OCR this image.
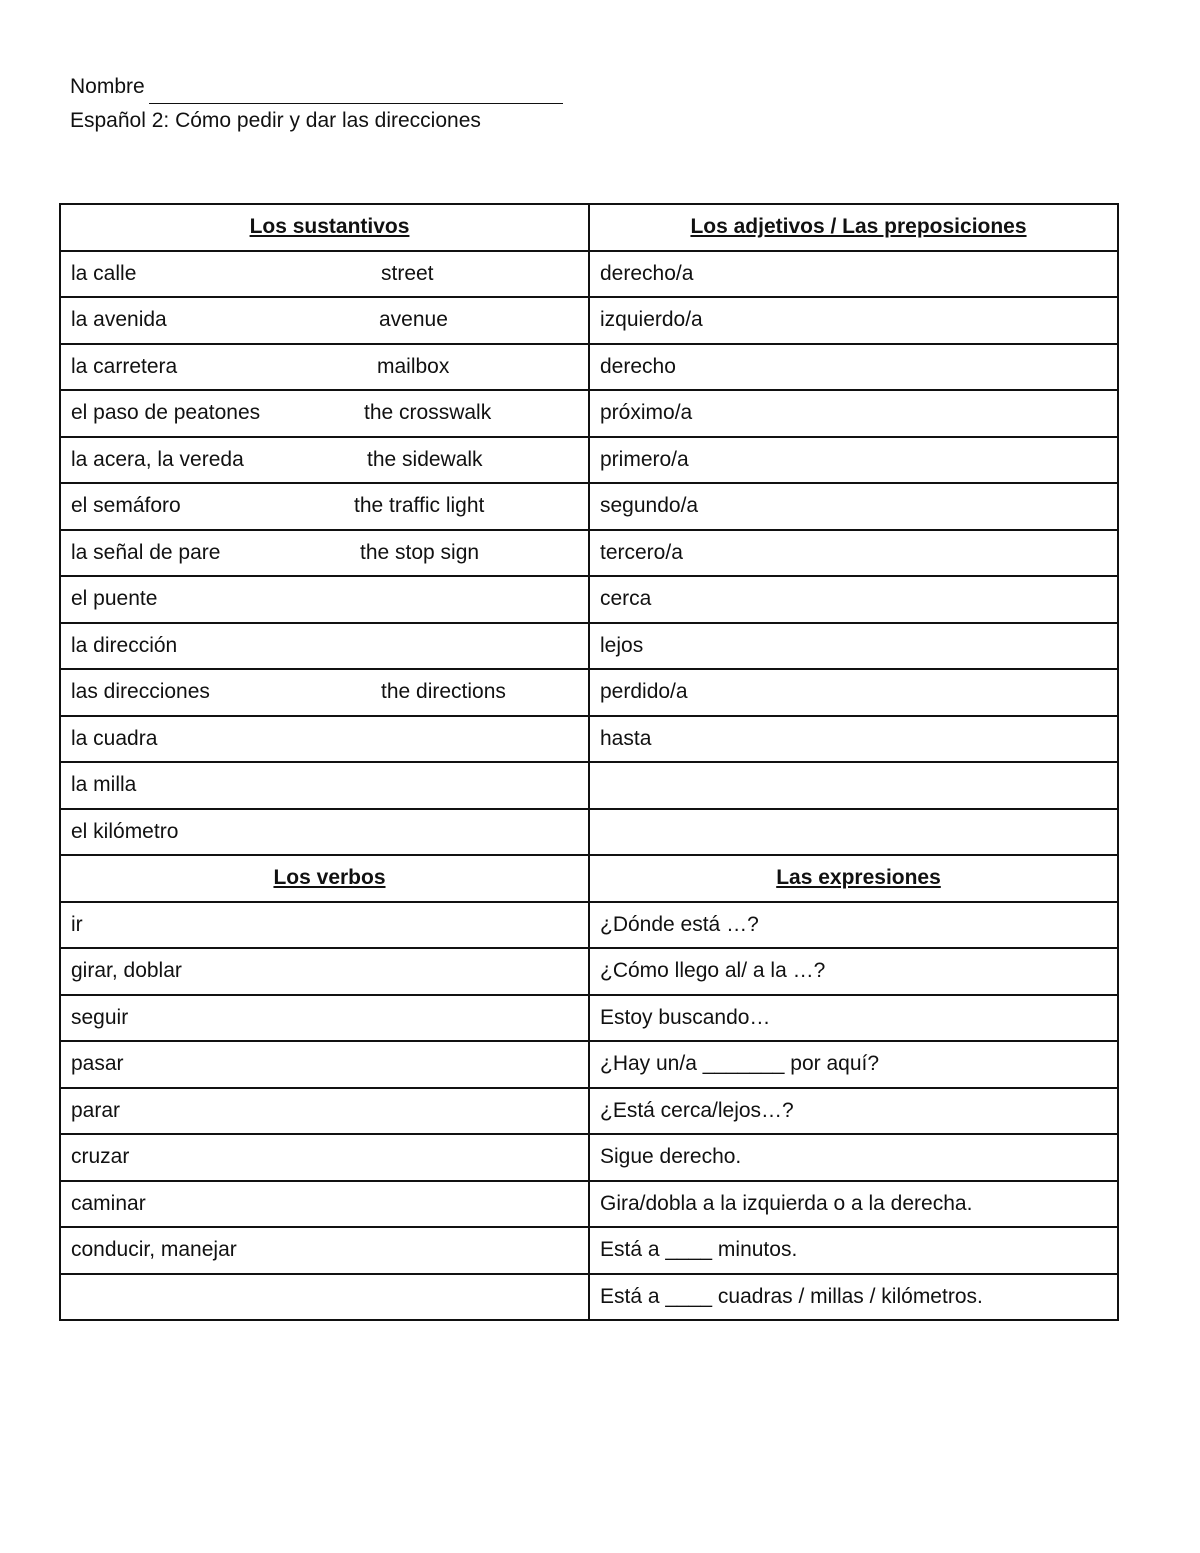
Nombre
Español 2: Cómo pedir y dar las direcciones
Los sustantivos	Los adjetivos / Las preposiciones
la calle street	derecho/a
la avenida avenue	izquierdo/a
la carretera mailbox	derecho
el paso de peatones the crosswalk	próximo/a
la acera, la vereda the sidewalk	primero/a
el semáforo the traffic light	segundo/a
la señal de pare the stop sign	tercero/a
el puente	cerca
la dirección	lejos
las direcciones the directions	perdido/a
la cuadra	hasta
la milla	
el kilómetro	
Los verbos	Las expresiones
ir	¿Dónde está …?
girar, doblar	¿Cómo llego al/ a la …?
seguir	Estoy buscando…
pasar	¿Hay un/a _______ por aquí?
parar	¿Está cerca/lejos…?
cruzar	Sigue derecho.
caminar	Gira/dobla a la izquierda o a la derecha.
conducir, manejar	Está a ____ minutos.
	Está a ____ cuadras / millas / kilómetros.
